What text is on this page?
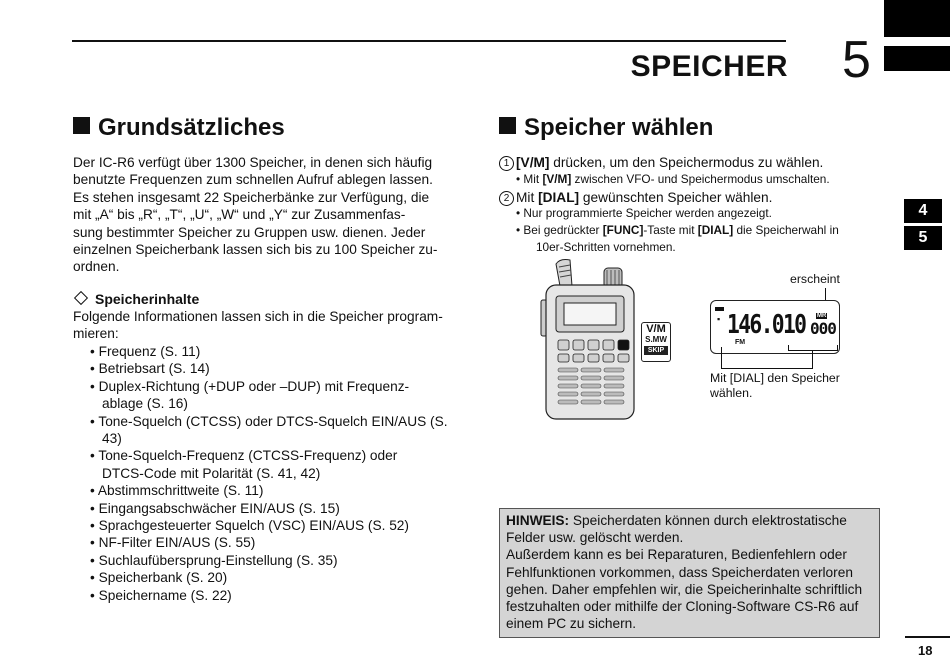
SPEICHER 5
4
5
Grundsätzliches
Der IC-R6 verfügt über 1300 Speicher, in denen sich häufig
benutzte Frequenzen zum schnellen Aufruf ablegen lassen.
Es stehen insgesamt 22 Speicherbänke zur Verfügung, die
mit „A“ bis „R“, „T“, „U“, „W“ und „Y“ zur Zusammenfas-
sung bestimmter Speicher zu Gruppen usw. dienen. Jeder
einzelnen Speicherbank lassen sich bis zu 100 Speicher zu-
ordnen.
Speicherinhalte
Folgende Informationen lassen sich in die Speicher program-
mieren:
• Frequenz (S. 11)
• Betriebsart (S. 14)
• Duplex-Richtung (+DUP oder –DUP) mit Frequenz- ablage (S. 16)
• Tone-Squelch (CTCSS) oder DTCS-Squelch EIN/AUS (S. 43)
• Tone-Squelch-Frequenz (CTCSS-Frequenz) oder DTCS-Code mit Polarität (S. 41, 42)
• Abstimmschrittweite (S. 11)
• Eingangsabschwächer EIN/AUS (S. 15)
• Sprachgesteuerter Squelch (VSC) EIN/AUS (S. 52)
• NF-Filter EIN/AUS (S. 55)
• Suchlaufübersprung-Einstellung (S. 35)
• Speicherbank (S. 20)
• Speichername (S. 22)
Speicher wählen
1 [V/M] drücken, um den Speichermodus zu wählen.
• Mit [V/M] zwischen VFO- und Speichermodus umschalten.
2 Mit [DIAL] gewünschten Speicher wählen.
• Nur programmierte Speicher werden angezeigt.
• Bei gedrückter [FUNC]-Taste mit [DIAL] die Speicherwahl in
10er-Schritten vornehmen.
V/M
S.MW
SKIP
erscheint
▪ 146.010 MR
000
FM
Mit [DIAL] den Speicher
wählen.
HINWEIS: Speicherdaten können durch elektrostatische
Felder usw. gelöscht werden.
Außerdem kann es bei Reparaturen, Bedienfehlern oder
Fehlfunktionen vorkommen, dass Speicherdaten verloren
gehen. Daher empfehlen wir, die Speicherinhalte schriftlich
festzuhalten oder mithilfe der Cloning-Software CS-R6 auf
einem PC zu sichern.
18
